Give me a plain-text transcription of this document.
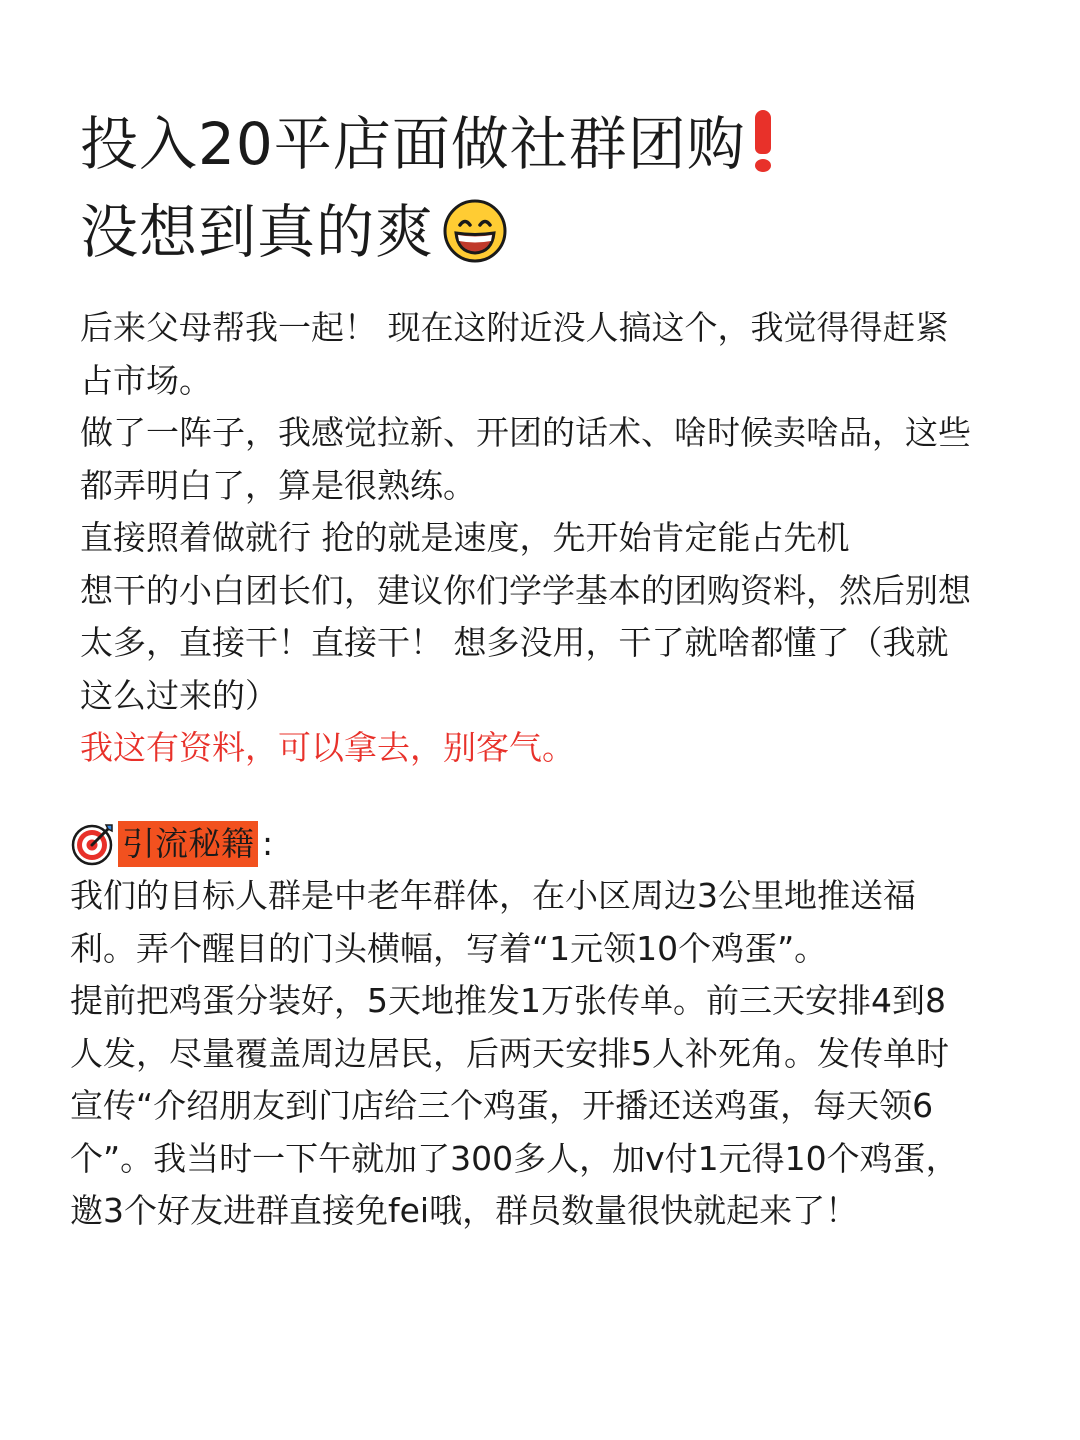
投入20平店面做社群团购
没想到真的爽

后来父母帮我一起！ 现在这附近没人搞这个，我觉得得赶紧占市场。

做了一阵子，我感觉拉新、开团的话术、啥时候卖啥品，这些都弄明白了，算是很熟练。

直接照着做就行 抢的就是速度，先开始肯定能占先机

想干的小白团长们，建议你们学学基本的团购资料，然后别想太多，直接干！直接干！ 想多没用，干了就啥都懂了（我就这么过来的）

我这有资料，可以拿去，别客气。

引流秘籍 :

我们的目标人群是中老年群体，在小区周边3公里地推送福利。弄个醒目的门头横幅，写着“1元领10个鸡蛋”。

提前把鸡蛋分装好，5天地推发1万张传单。前三天安排4到8人发，尽量覆盖周边居民，后两天安排5人补死角。发传单时宣传“介绍朋友到门店给三个鸡蛋，开播还送鸡蛋，每天领6个”。我当时一下午就加了300多人，加v付1元得10个鸡蛋，邀3个好友进群直接免fei哦，群员数量很快就起来了！
